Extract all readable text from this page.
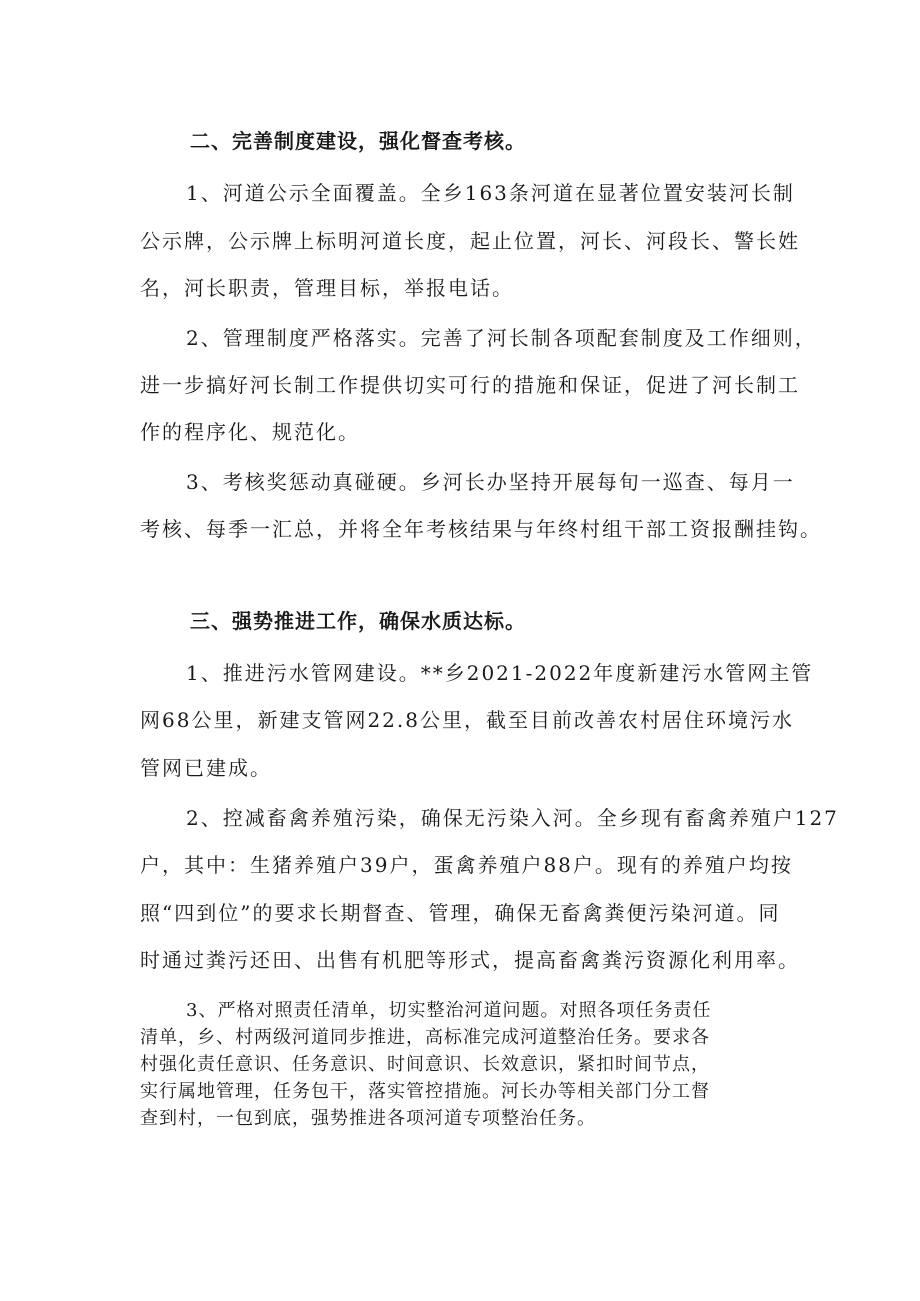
二、完善制度建设，强化督查考核。
1、河道公示全面覆盖。全乡163条河道在显著位置安装河长制
公示牌，公示牌上标明河道长度，起止位置，河长、河段长、警长姓
名，河长职责，管理目标，举报电话。
2、管理制度严格落实。完善了河长制各项配套制度及工作细则，
进一步搞好河长制工作提供切实可行的措施和保证，促进了河长制工
作的程序化、规范化。
3、考核奖惩动真碰硬。乡河长办坚持开展每旬一巡查、每月一
考核、每季一汇总，并将全年考核结果与年终村组干部工资报酬挂钩。
三、强势推进工作，确保水质达标。
1、推进污水管网建设。**乡2021-2022年度新建污水管网主管
网68公里，新建支管网22.8公里，截至目前改善农村居住环境污水
管网已建成。
2、控减畜禽养殖污染，确保无污染入河。全乡现有畜禽养殖户127
户，其中：生猪养殖户39户，蛋禽养殖户88户。现有的养殖户均按
照“四到位”的要求长期督查、管理，确保无畜禽粪便污染河道。同
时通过粪污还田、出售有机肥等形式，提高畜禽粪污资源化利用率。
3、严格对照责任清单，切实整治河道问题。对照各项任务责任
清单，乡、村两级河道同步推进，高标准完成河道整治任务。要求各
村强化责任意识、任务意识、时间意识、长效意识，紧扣时间节点，
实行属地管理，任务包干，落实管控措施。河长办等相关部门分工督
查到村，一包到底，强势推进各项河道专项整治任务。
